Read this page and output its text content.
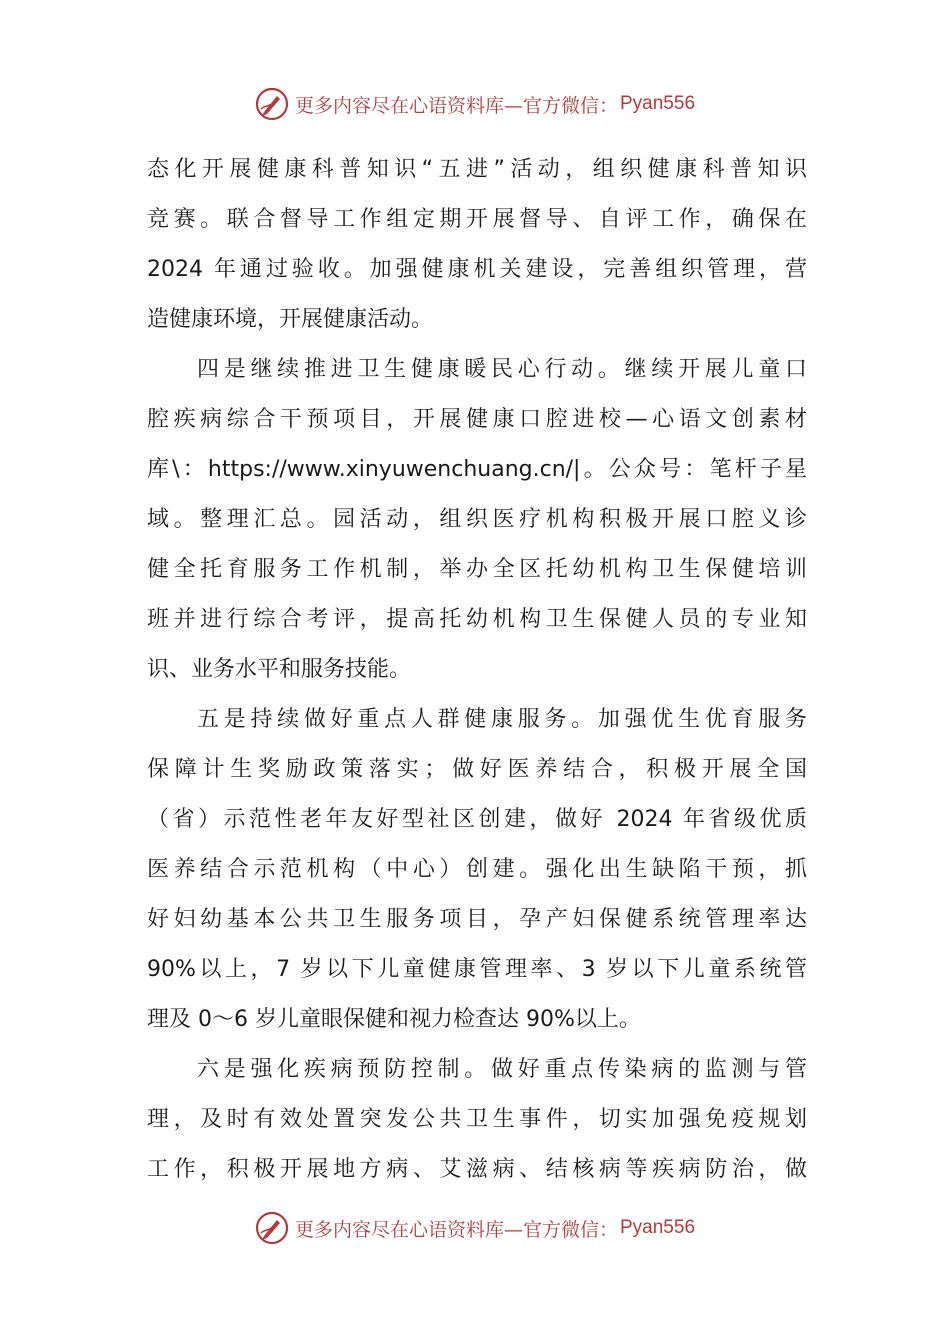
更多内容尽在心语资料库—官方微信： Pyan556
态化开展健康科普知识“五进”活动，组织健康科普知识
竞赛。联合督导工作组定期开展督导、自评工作，确保在
2024 年通过验收。加强健康机关建设，完善组织管理，营
造健康环境，开展健康活动。
四是继续推进卫生健康暖民心行动。继续开展儿童口
腔疾病综合干预项目，开展健康口腔进校—心语文创素材
库\：https://www.xinyuwenchuang.cn/|。公众号：笔杆子星
域。整理汇总。园活动，组织医疗机构积极开展口腔义诊
健全托育服务工作机制，举办全区托幼机构卫生保健培训
班并进行综合考评，提高托幼机构卫生保健人员的专业知
识、业务水平和服务技能。
五是持续做好重点人群健康服务。加强优生优育服务
保障计生奖励政策落实；做好医养结合，积极开展全国
（省）示范性老年友好型社区创建，做好 2024 年省级优质
医养结合示范机构（中心）创建。强化出生缺陷干预，抓
好妇幼基本公共卫生服务项目，孕产妇保健系统管理率达
90%以上，7 岁以下儿童健康管理率、3 岁以下儿童系统管
理及 0～6 岁儿童眼保健和视力检查达 90%以上。
六是强化疾病预防控制。做好重点传染病的监测与管
理，及时有效处置突发公共卫生事件，切实加强免疫规划
工作，积极开展地方病、艾滋病、结核病等疾病防治，做
更多内容尽在心语资料库—官方微信： Pyan556
